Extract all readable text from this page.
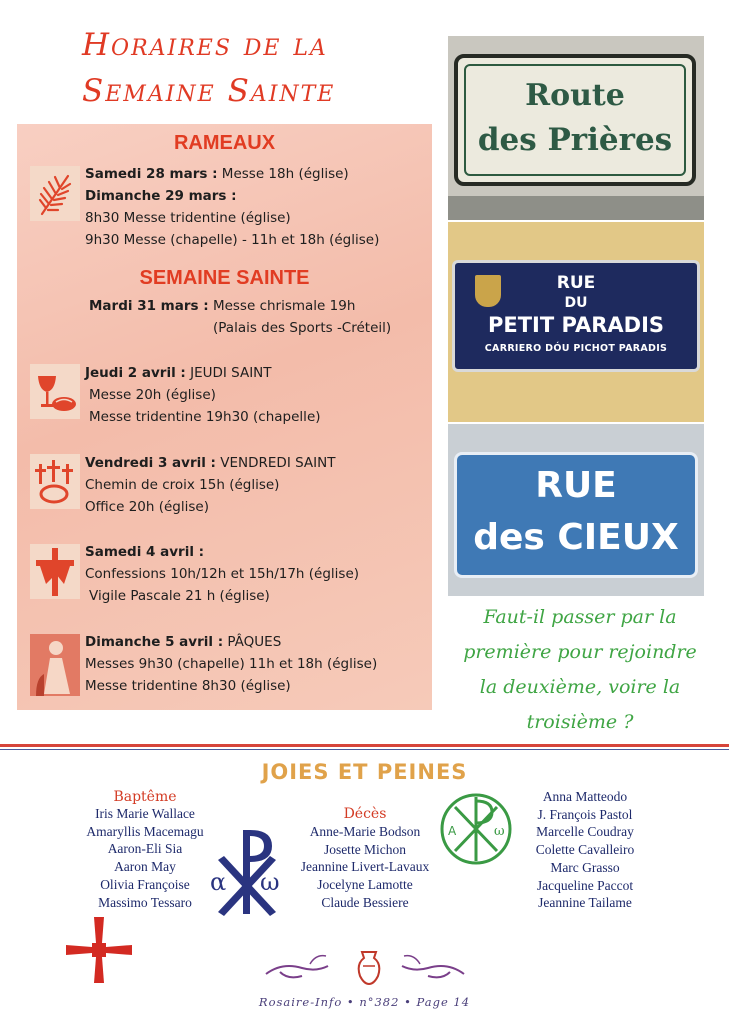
Horaires de la
Semaine Sainte
RAMEAUX
Samedi 28 mars : Messe 18h (église)
Dimanche 29 mars :
8h30 Messe tridentine (église)
9h30 Messe (chapelle) - 11h et 18h (église)
SEMAINE SAINTE
Mardi 31 mars : Messe chrismale 19h
(Palais des Sports -Créteil)
Jeudi 2 avril : JEUDI SAINT
Messe 20h (église)
Messe tridentine 19h30 (chapelle)
Vendredi 3 avril : VENDREDI SAINT
Chemin de croix 15h (église)
Office 20h (église)
Samedi 4 avril :
Confessions 10h/12h et 15h/17h (église)
Vigile Pascale 21 h (église)
Dimanche 5 avril : PÂQUES
Messes 9h30 (chapelle) 11h et 18h (église)
Messe tridentine 8h30 (église)
Route
des Prières
RUE
DU
PETIT PARADIS
CARRIERO DÓU PICHOT PARADIS
RUE
des CIEUX
Faut-il passer par la
première pour rejoindre
la deuxième, voire la
troisième ?
JOIES ET PEINES
Baptême
Iris Marie Wallace
Amaryllis Macemagu
Aaron-Eli Sia
Aaron May
Olivia Françoise
Massimo Tessaro
α ω
Décès
Anne-Marie Bodson
Josette Michon
Jeannine Livert-Lavaux
Jocelyne Lamotte
Claude Bessiere
A	ω
Anna Matteodo
J. François Pastol
Marcelle Coudray
Colette Cavalleiro
Marc Grasso
Jacqueline Paccot
Jeannine Tailame
Rosaire-Info • n°382 • Page 14
